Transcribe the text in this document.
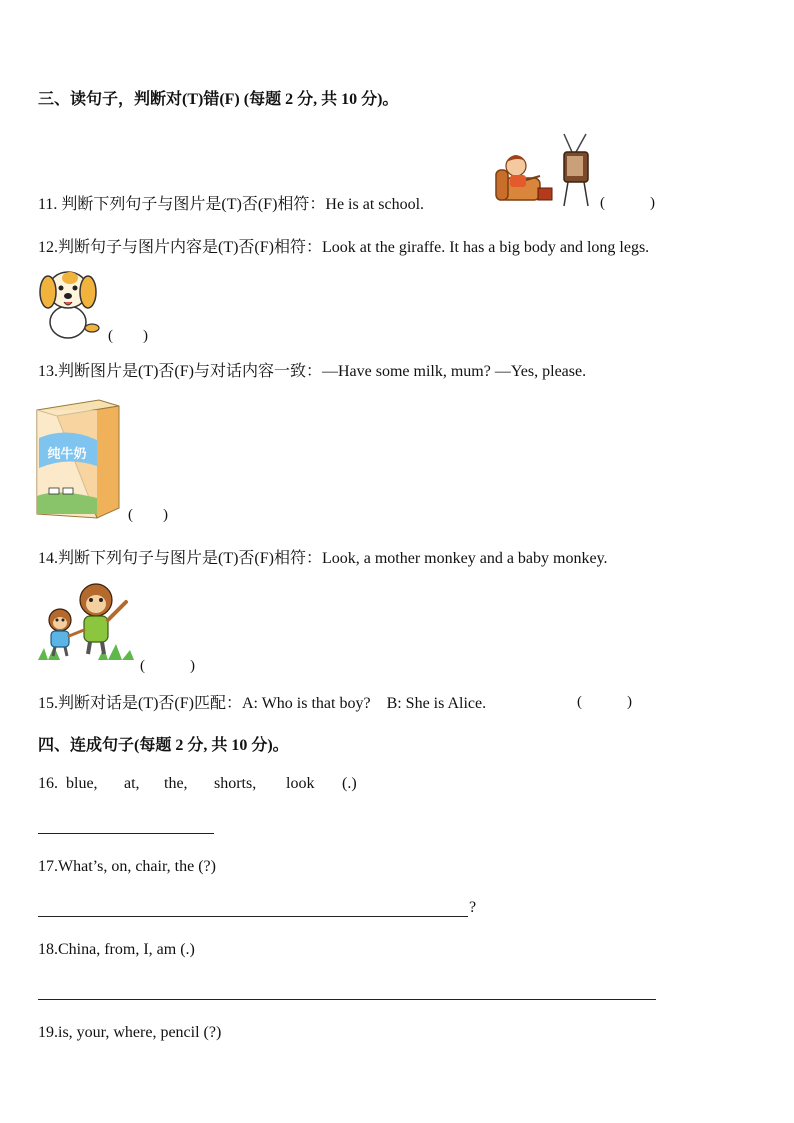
三、读句子，判断对(T)错(F) (每题 2 分, 共 10 分)。
11. 判断下列句子与图片是(T)否(F)相符：He is at school.	(　　　)
12.判断句子与图片内容是(T)否(F)相符：Look at the giraffe. It has a big body and long legs.
(　　)
13.判断图片是(T)否(F)与对话内容一致：—Have some milk, mum? —Yes, please.
纯牛奶
(　　)
14.判断下列句子与图片是(T)否(F)相符：Look, a mother monkey and a baby monkey.
(　　　)
15.判断对话是(T)否(F)匹配：A: Who is that boy? B: She is Alice.	(　　　)
四、连成句子(每题 2 分, 共 10 分)。
16. blue, at, the, shorts, look (.)
17.What’s, on, chair, the (?)
?
18.China, from, I, am (.)
19.is, your, where, pencil (?)
